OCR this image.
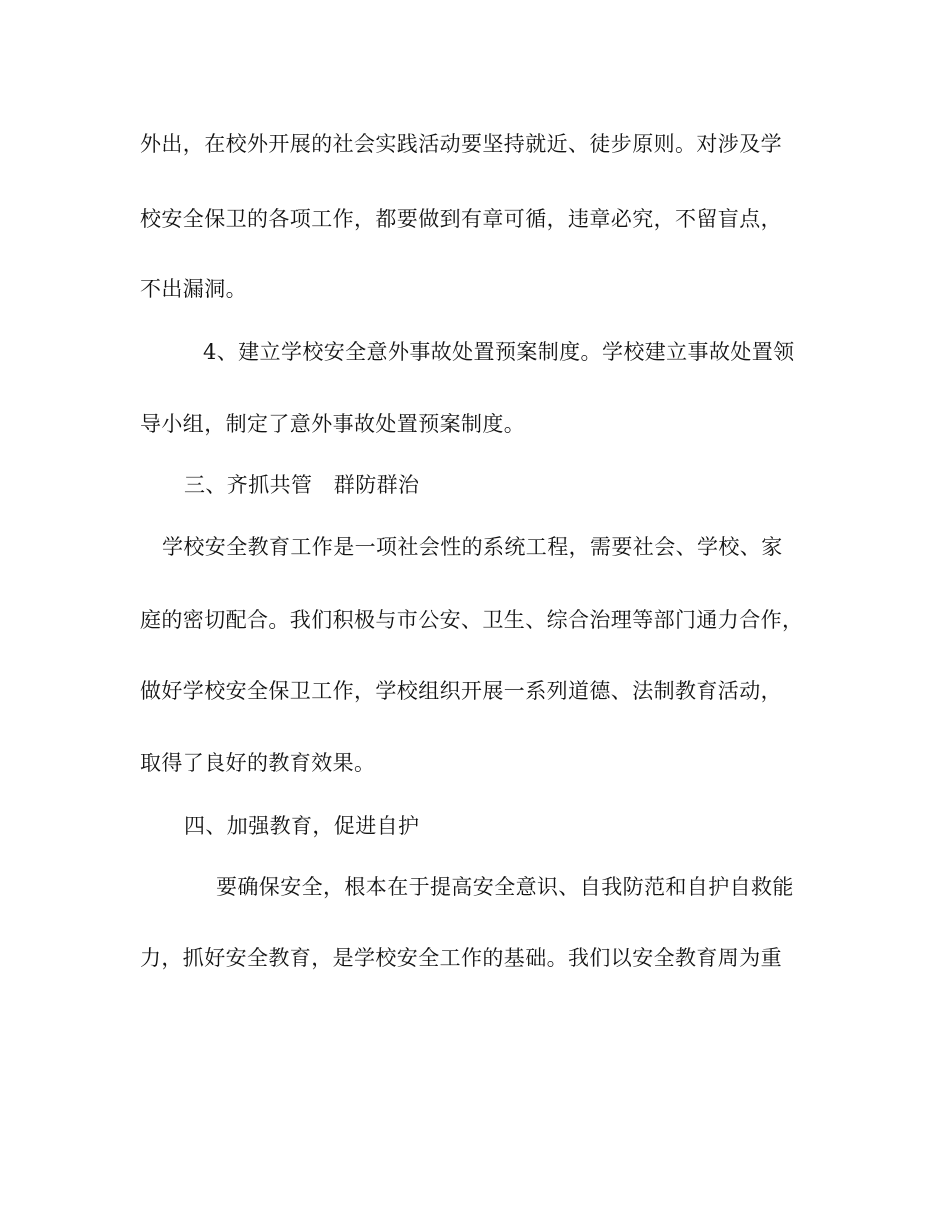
外出，在校外开展的社会实践活动要坚持就近、徒步原则。对涉及学
校安全保卫的各项工作，都要做到有章可循，违章必究，不留盲点，
不出漏洞。
4、建立学校安全意外事故处置预案制度。学校建立事故处置领
导小组，制定了意外事故处置预案制度。
三、齐抓共管　群防群治
学校安全教育工作是一项社会性的系统工程，需要社会、学校、家
庭的密切配合。我们积极与市公安、卫生、综合治理等部门通力合作，
做好学校安全保卫工作，学校组织开展一系列道德、法制教育活动，
取得了良好的教育效果。
四、加强教育，促进自护
要确保安全，根本在于提高安全意识、自我防范和自护自救能
力，抓好安全教育，是学校安全工作的基础。我们以安全教育周为重
